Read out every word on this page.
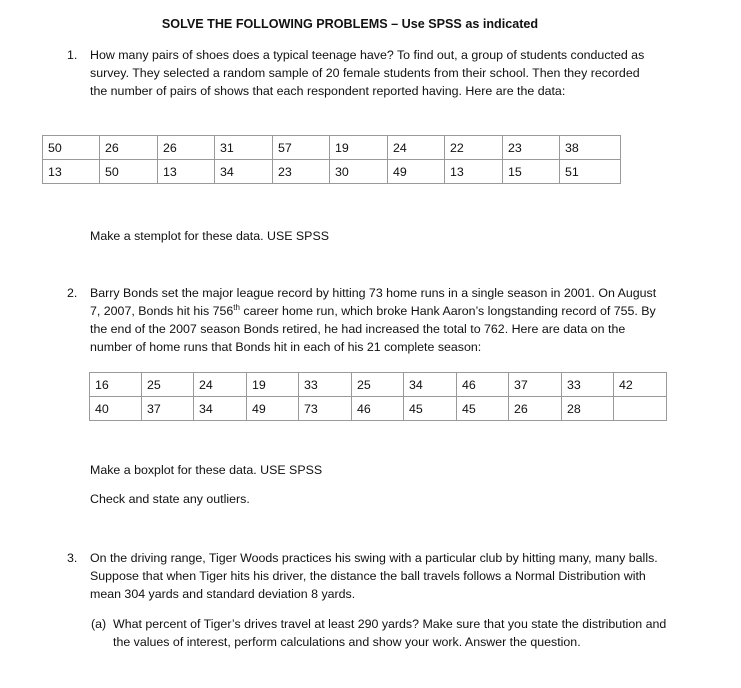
SOLVE THE FOLLOWING PROBLEMS – Use SPSS as indicated
1. How many pairs of shoes does a typical teenage have? To find out, a group of students conducted as survey. They selected a random sample of 20 female students from their school. Then they recorded the number of pairs of shows that each respondent reported having. Here are the data:
50	26	26	31	57	19	24	22	23	38
13	50	13	34	23	30	49	13	15	51
Make a stemplot for these data. USE SPSS
2. Barry Bonds set the major league record by hitting 73 home runs in a single season in 2001. On August 7, 2007, Bonds hit his 756th career home run, which broke Hank Aaron’s longstanding record of 755. By the end of the 2007 season Bonds retired, he had increased the total to 762. Here are data on the number of home runs that Bonds hit in each of his 21 complete season:
16	25	24	19	33	25	34	46	37	33	42
40	37	34	49	73	46	45	45	26	28	
Make a boxplot for these data. USE SPSS
Check and state any outliers.
3. On the driving range, Tiger Woods practices his swing with a particular club by hitting many, many balls. Suppose that when Tiger hits his driver, the distance the ball travels follows a Normal Distribution with mean 304 yards and standard deviation 8 yards.
(a) What percent of Tiger’s drives travel at least 290 yards? Make sure that you state the distribution and the values of interest, perform calculations and show your work. Answer the question.
